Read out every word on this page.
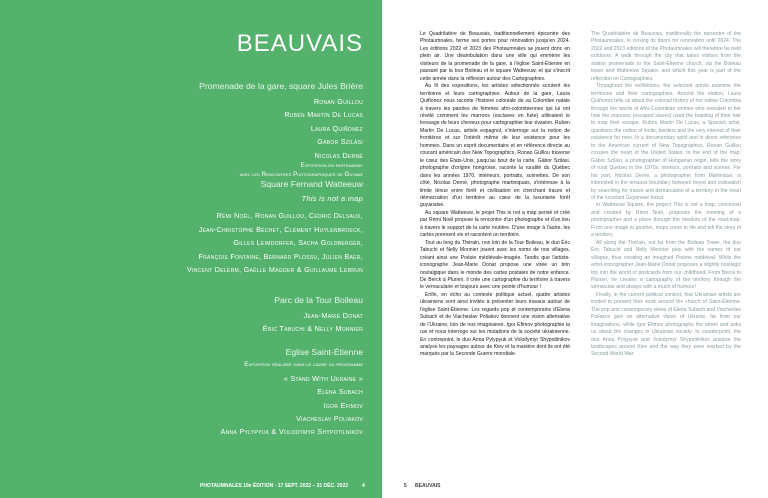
BEAUVAIS
Promenade de la gare, square Jules Brière
Ronan Guillou
Rubén Martín De Lucas
Laura Quiñonez
Gábor Szilási
Nicolas Derné
Exposition en partenariat
avec les Rencontres Photographiques de Guyane
Square Fernand Watteeuw
This is not a map
Rémi Noël, Ronan Guillou, Cédric Delsaux,
Jean-Christophe Béchet, Clément Huylenbroeck,
Gilles Leimdorfer, Sacha Goldberger,
François Fontaine, Bernard Plossu, Julien Baer,
Vincent Delerm, Gaëlle Magder & Guillaume Lebrun
Parc de la Tour Boileau
Jean-Marie Donat
Éric Tabuchi & Nelly Monnier
Eglise Saint-Étienne
Exposition réalisée dans le cadre du programme
« Stand With Ukraine »
Elena Subach
Igor Efimov
Viacheslav Poliakov
Anna Pylypyuk & Volodymyr Shypotilnikov
PHOTAUMNALES 19e ÉDITION · 17 SEPT. 2022 – 31 DÉC. 2022	4

Le Quadrilatère de Beauvais, traditionnellement épicentre des Photaumnales, ferme ses portes pour rénovation jusqu'en 2024. Les éditions 2022 et 2023 des Photaumnales se jouent donc en plein air. Une déambulation dans une ville qui emmène les visiteurs de la promenade de la gare, à l'église Saint-Étienne en passant par la tour Boileau et le square Watteeuw, et qui s'inscrit cette année dans la réflexion autour des Cartographies.

Au fil des expositions, les artistes sélectionnés scrutent les territoires et leurs cartographies. Autour de la gare, Laura Quiñonez nous raconte l'histoire coloniale de sa Colombie natale à travers les paroles de femmes afro-colombiennes qui lui ont révélé comment les marrons (esclaves en fuite) utilisaient le tressage de leurs cheveux pour cartographier leur évasion. Ruben Martin De Lucas, artiste espagnol, s'interroge sur la notion de frontières et sur l'intérêt même de leur existence pour les hommes. Dans un esprit documentaire et en référence directe au courant américain des New Topographics, Ronan Guillou traverse le cœur des États-Unis, jusqu'au bout de la carte. Gábor Szilási, photographe d'origine hongroise, raconte la ruralité du Québec dans les années 1970, intérieurs, portraits, scènettes. De son côté, Nicolas Derné, photographe martiniquais, s'intéresse à la limite ténue entre forêt et civilisation en cherchant traces et démarcation d'un territoire au cœur de la luxuriante forêt guyanaise.

Au square Watteeuw, le projet This is not a map pensé et créé par Rémi Noël propose la rencontre d'un photographe et d'un lieu à travers le support de la carte routière. D'une image à l'autre, les cartes prennent vie et racontent un territoire.

Tout au long du Thérain, non loin de la Tour Boileau, le duo Éric Tabuchi et Nelly Monnier jouent avec les noms de nos villages, créant ainsi une Poésie médiévale-imagée. Tandis que l'artiste-iconographe Jean-Marie Donat propose une virée un brin nostalgique dans le monde des cartes postales de notre enfance. De Berck à Plurien, il crée une cartographie du territoire à travers le vernaculaire et toujours avec une pointe d'humour !

Enfin, en écho au contexte politique actuel, quatre artistes ukrainiens sont ainsi invités à présenter leurs travaux autour de l'église Saint-Étienne. Les regards pop et contemporains d'Elena Subach et de Viacheslav Poliakov donnent une vision alternative de l'Ukraine, loin de nos imaginaires. Igor Efimov photographie la rue et nous interroge sur les mutations de la société ukrainienne. En contrepoint, le duo Anna Pylypyuk et Volodymyr Shypotilnikov analyse les paysages autour de Kiev et la manière dont ils ont été marqués par la Seconde Guerre mondiale.

The Quadrilatère de Beauvais, traditionally the epicentre of the Photaumnales, is closing its doors for renovation until 2024. The 2022 and 2023 editions of the Photaumnales will therefore be held outdoors. A walk through the city that takes visitors from the station promenade to the Saint-Étienne church, via the Boileau tower and Watteeuw Square, and which this year is part of the reflection on Cartographies.

Throughout the exhibitions, the selected artists examine the territories and their cartographies. Around the station, Laura Quiñonez tells us about the colonial history of her native Colombia through the words of Afro-Colombian women who revealed to her how the maroons (escaped slaves) used the braiding of their hair to map their escape. Ruben Martin De Lucas, a Spanish artist, questions the notion of limits, borders and the very interest of their existence for men. In a documentary spirit and in direct reference to the American current of New Topographics, Ronan Guillou crosses the heart of the United States, to the end of the map. Gábor Szilási, a photographer of Hungarian origin, tells the story of rural Quebec in the 1970s, interiors, portraits and scenes. For his part, Nicolas Derné, a photographer from Martinique, is interested in the tenuous boundary between forest and civilisation by searching for traces and demarcation of a territory in the heart of the luxuriant Guyanese forest.

In Watteeuw Square, the project This is not a map, conceived and created by Rémi Noël, proposes the meeting of a photographer and a place through the medium of the road-map. From one image to another, maps come to life and tell the story of a territory.

All along the Thérain, not far from the Boileau Tower, the duo Éric Tabuchi and Nelly Monnier play with the names of our villages, thus creating an imagined Poème médiéval. While the artist-iconographer Jean-Marie Donat proposes a slightly nostalgic trip into the world of postcards from our childhood. From Berck to Plurien, he creates a cartography of the territory through the vernacular and always with a touch of humour!

Finally, in the current political context, four Ukrainian artists are invited to present their work around the church of Saint-Étienne. The pop and contemporary views of Elena Subach and Viacheslav Poliakov give an alternative vision of Ukraine, far from our imaginations, while Igor Efimov photographs the street and asks us about the changes in Ukrainian society. In counterpoint, the duo Anna Pylypyuk and Volodymyr Shypotilnikov analyse the landscapes around Kiev and the way they were marked by the Second World War.

5 BEAUVAIS
